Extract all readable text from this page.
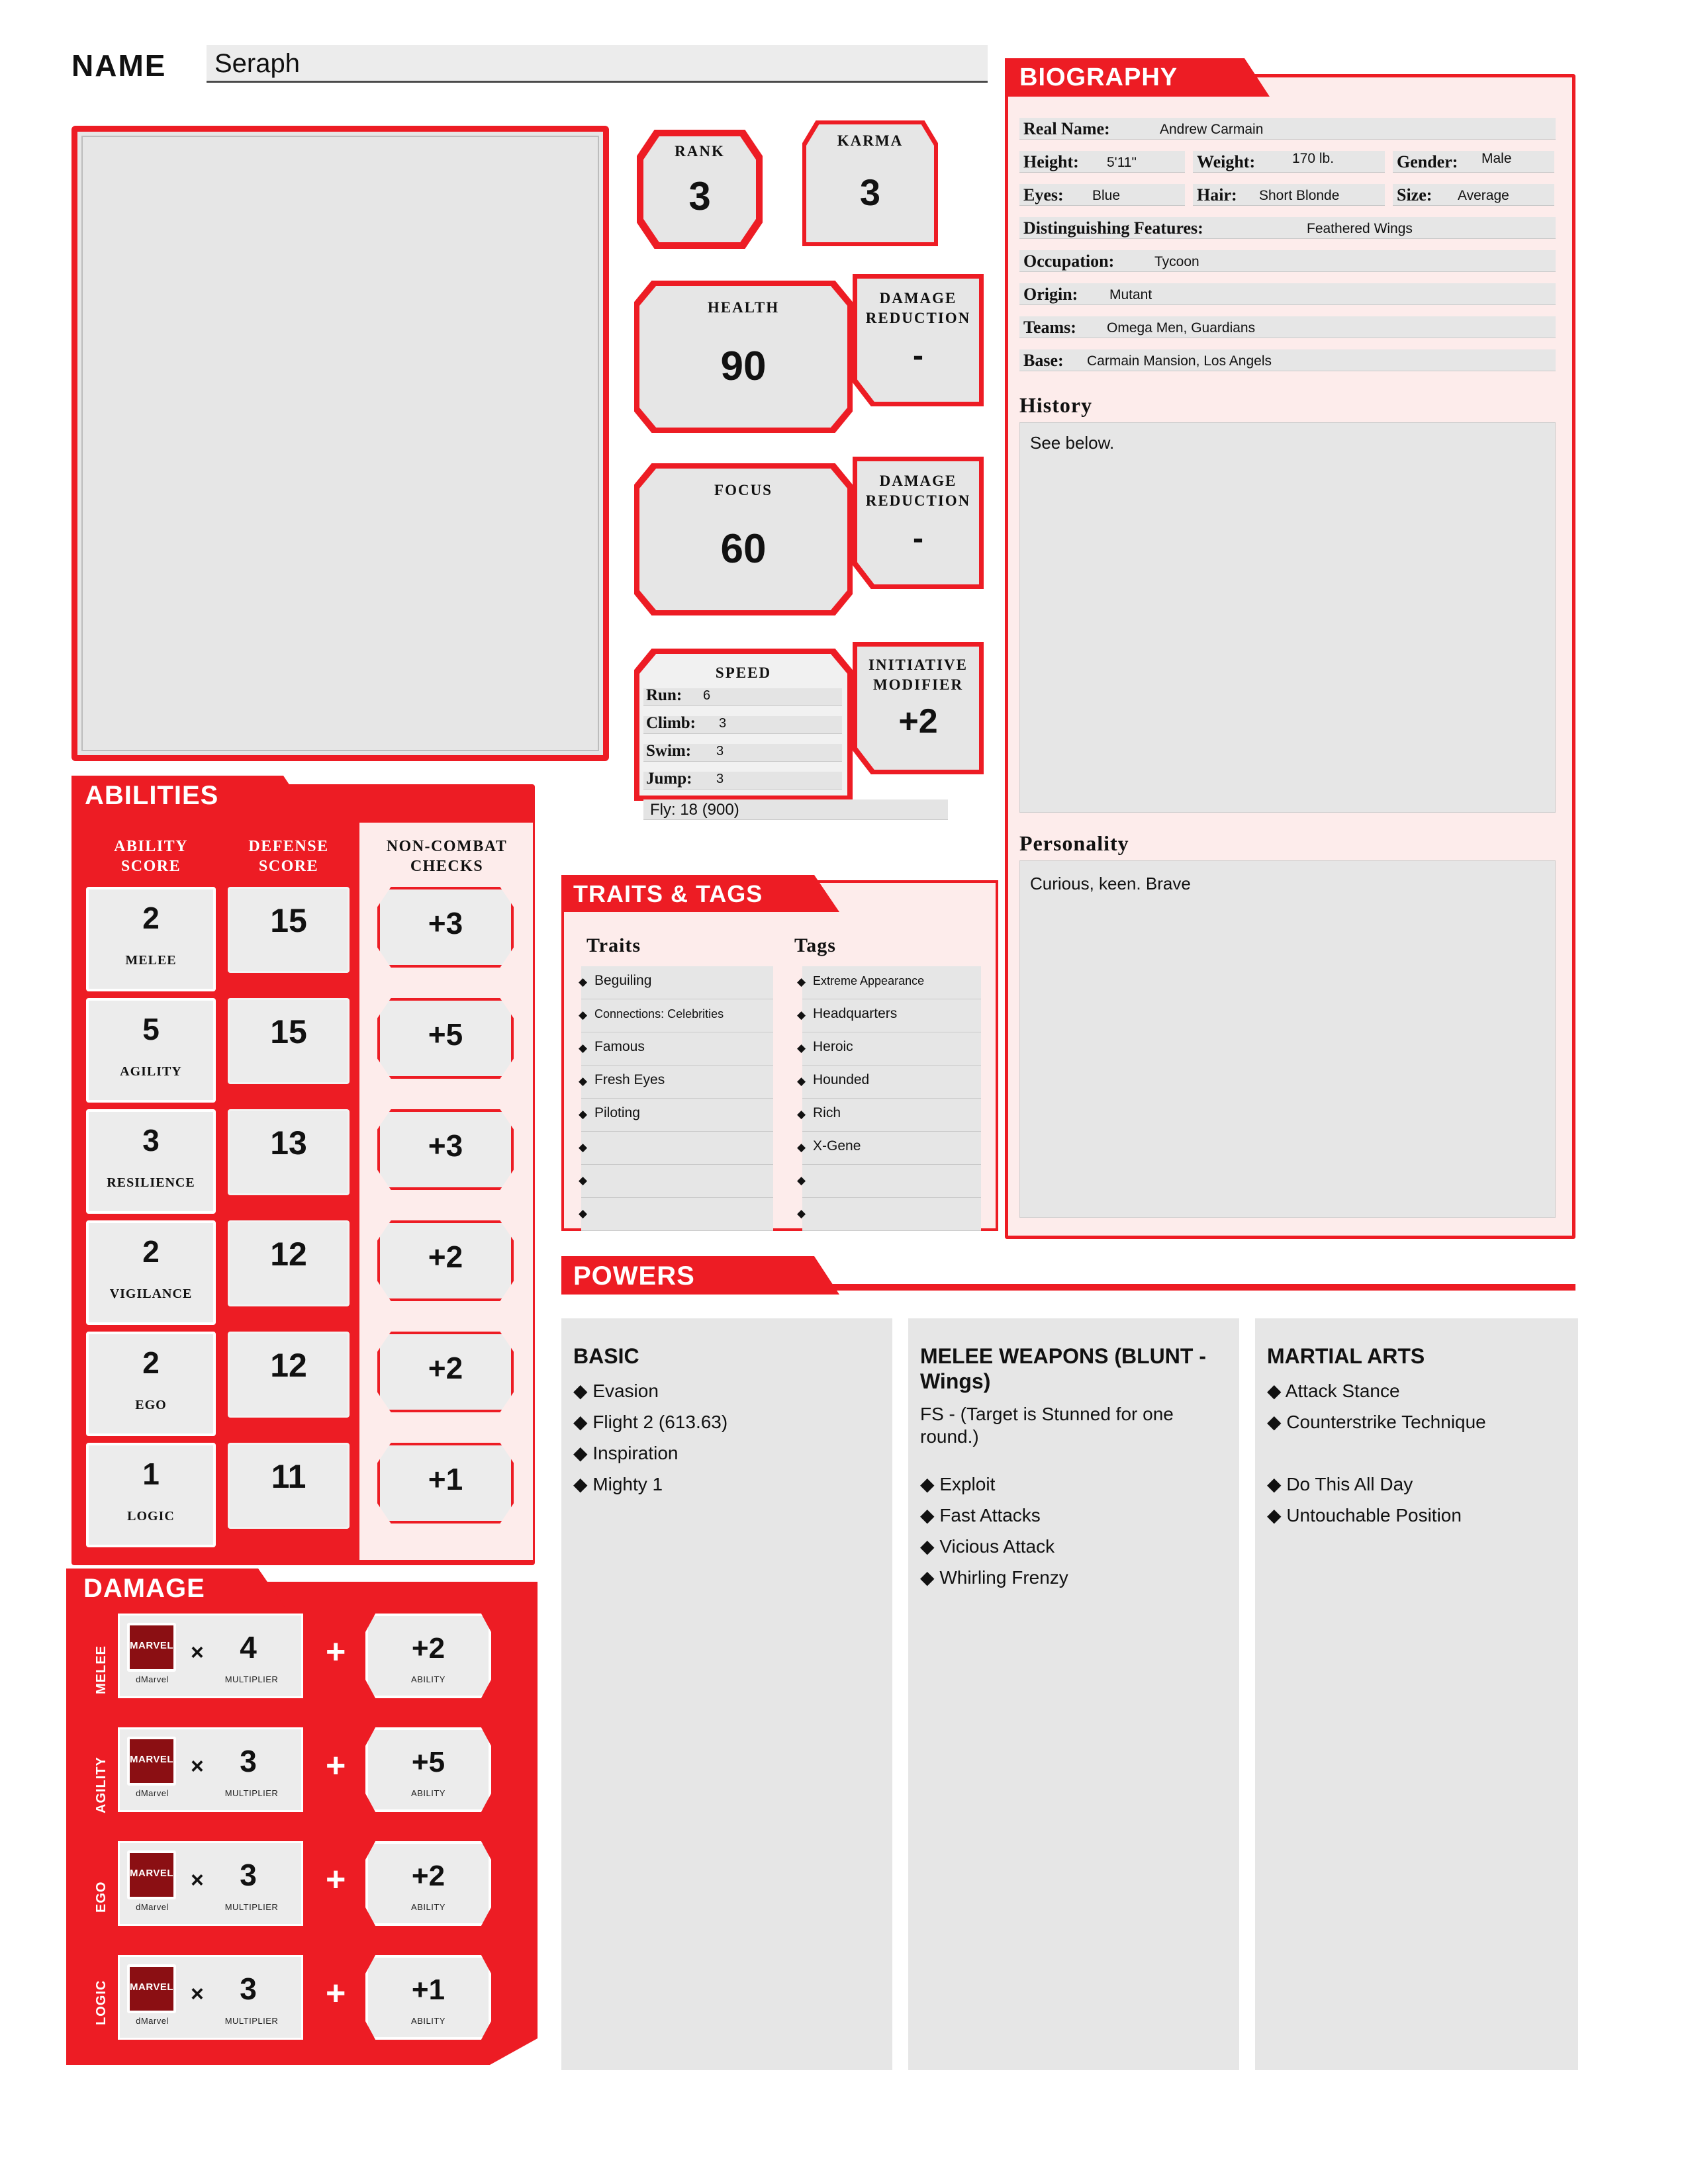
NAME Seraph
RANK
3
KARMA
3
HEALTH
90
DAMAGE REDUCTION
-
FOCUS
60
DAMAGE REDUCTION
-
SPEED
Run: 6
Climb: 3
Swim: 3
Jump: 3
Fly: 18 (900)
INITIATIVE MODIFIER
+2
ABILITIES
ABILITY SCORE
DEFENSE SCORE
NON-COMBAT CHECKS
2
MELEE
15	+3
5
AGILITY
15	+5
3
RESILIENCE
13	+3
2
VIGILANCE
12	+2
2
EGO
12	+2
1
LOGIC
11	+1
DAMAGE
MELEE MARVEL
dMarvel
×	4
MULTIPLIER
+	+2
ABILITY
AGILITY MARVEL
dMarvel
×	3
MULTIPLIER
+	+5
ABILITY
EGO
MARVEL
dMarvel
×	3
MULTIPLIER
+	+2
ABILITY
LOGIC MARVEL
dMarvel
×	3
MULTIPLIER
+	+1
ABILITY
TRAITS & TAGS
Traits	Tags
◆ Beguiling
◆ Connections: Celebrities
◆ Famous
◆ Fresh Eyes
◆ Piloting
◆
◆
◆
◆ Extreme Appearance
◆ Headquarters
◆ Heroic
◆ Hounded
◆ Rich
◆ X-Gene
◆
◆
BIOGRAPHY
Real Name:	Andrew Carmain
Height: 5'11"	Weight:	170 lb.	Gender: Male
Eyes: Blue	Hair: Short Blonde	Size: Average
Distinguishing Features:	Feathered Wings
Occupation:	Tycoon
Origin: Mutant
Teams: Omega Men, Guardians
Base: Carmain Mansion, Los Angels
History
See below.
Personality
Curious, keen. Brave
POWERS
BASIC
◆ Evasion
◆ Flight 2 (613.63)
◆ Inspiration
◆ Mighty 1
MELEE WEAPONS (BLUNT - Wings)
FS - (Target is Stunned for one round.)
◆ Exploit
◆ Fast Attacks
◆ Vicious Attack
◆ Whirling Frenzy
MARTIAL ARTS
◆ Attack Stance
◆ Counterstrike Technique
◆ Do This All Day
◆ Untouchable Position
